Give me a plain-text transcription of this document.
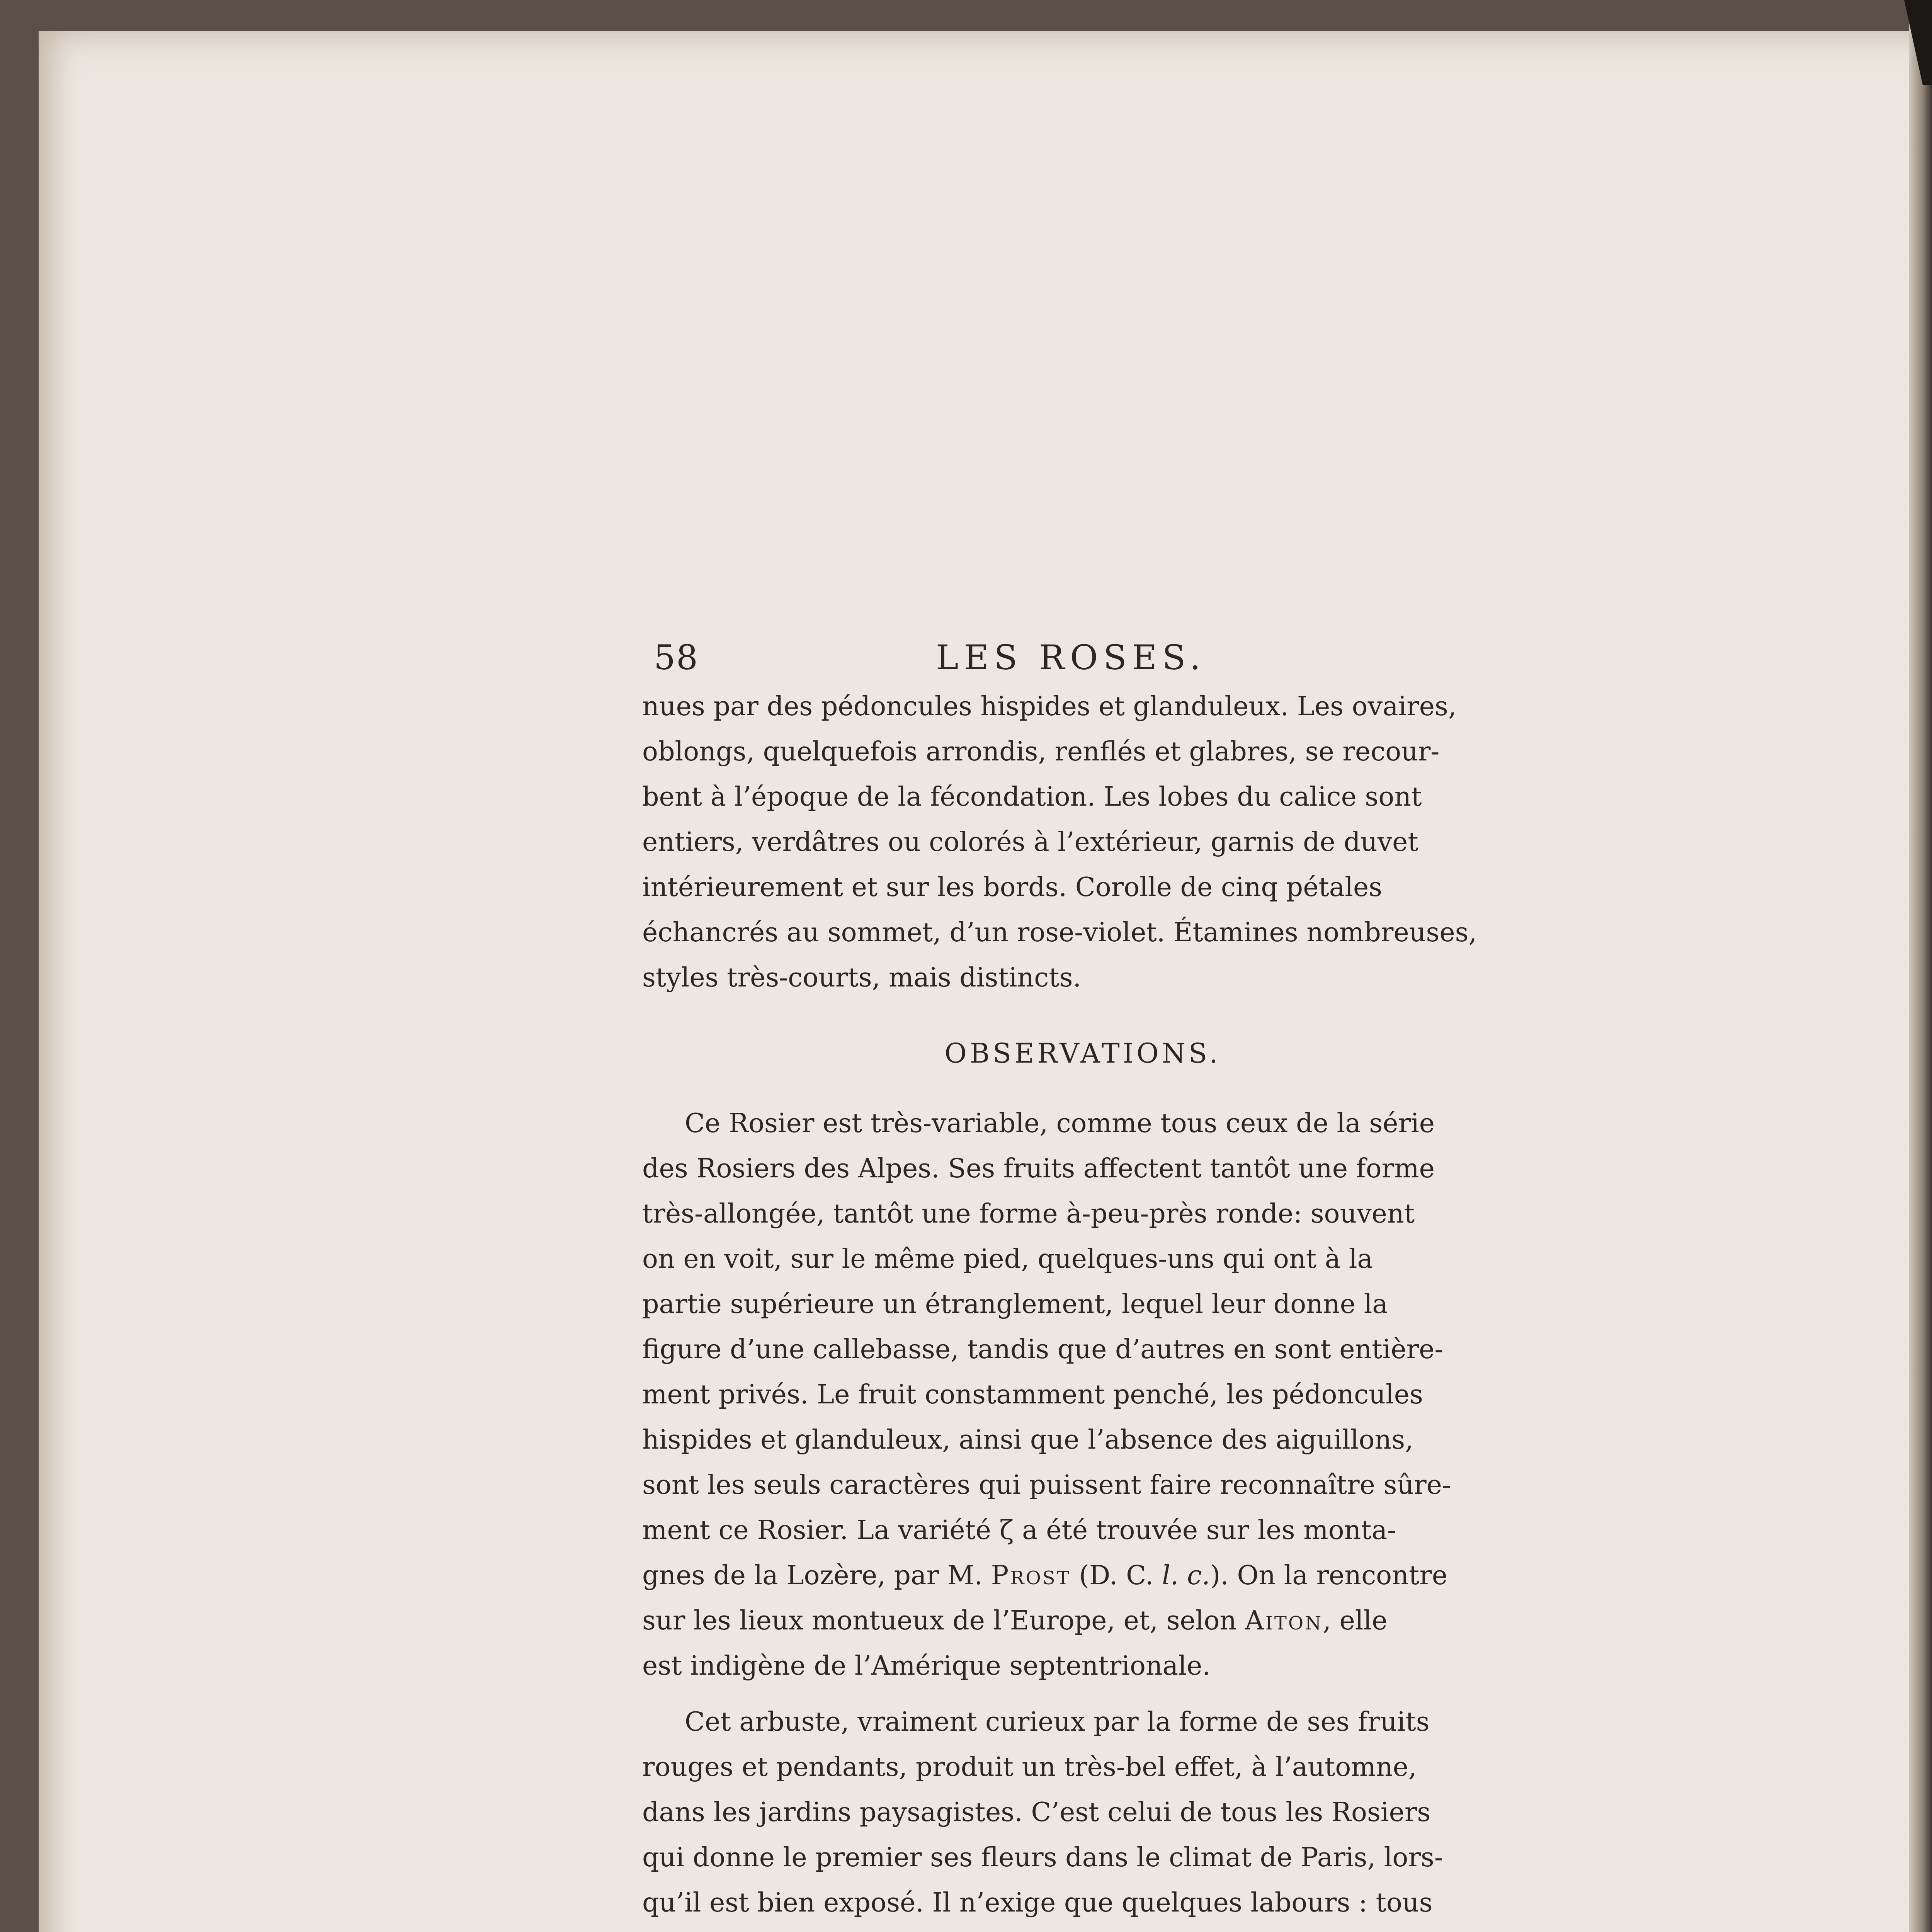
58	LES ROSES.

nues par des pédoncules hispides et glanduleux. Les ovaires,
oblongs, quelquefois arrondis, renflés et glabres, se recour-
bent à l’époque de la fécondation. Les lobes du calice sont
entiers, verdâtres ou colorés à l’extérieur, garnis de duvet
intérieurement et sur les bords. Corolle de cinq pétales
échancrés au sommet, d’un rose-violet. Étamines nombreuses,
styles très-courts, mais distincts.

OBSERVATIONS.

Ce Rosier est très-variable, comme tous ceux de la série
des Rosiers des Alpes. Ses fruits affectent tantôt une forme
très-allongée, tantôt une forme à-peu-près ronde: souvent
on en voit, sur le même pied, quelques-uns qui ont à la
partie supérieure un étranglement, lequel leur donne la
figure d’une callebasse, tandis que d’autres en sont entière-
ment privés. Le fruit constamment penché, les pédoncules
hispides et glanduleux, ainsi que l’absence des aiguillons,
sont les seuls caractères qui puissent faire reconnaître sûre-
ment ce Rosier. La variété ζ a été trouvée sur les monta-
gnes de la Lozère, par M. Prost (D. C. l. c.). On la rencontre
sur les lieux montueux de l’Europe, et, selon Aiton, elle
est indigène de l’Amérique septentrionale.

Cet arbuste, vraiment curieux par la forme de ses fruits
rouges et pendants, produit un très-bel effet, à l’automne,
dans les jardins paysagistes. C’est celui de tous les Rosiers
qui donne le premier ses fleurs dans le climat de Paris, lors-
qu’il est bien exposé. Il n’exige que quelques labours : tous
